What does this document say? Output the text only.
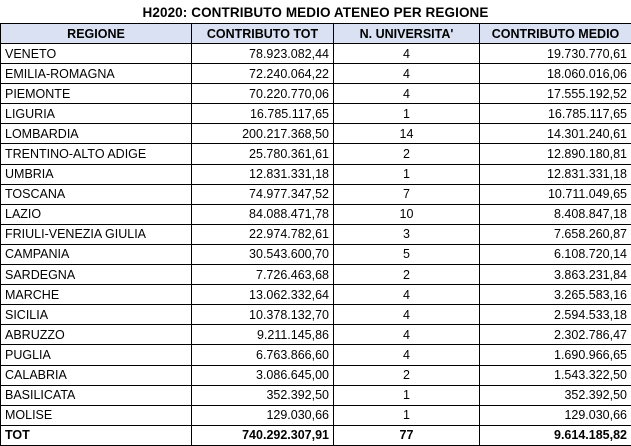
H2020: CONTRIBUTO MEDIO ATENEO PER REGIONE
REGIONE	CONTRIBUTO TOT	N. UNIVERSITA'	CONTRIBUTO MEDIO
VENETO	78.923.082,44	4	19.730.770,61
EMILIA-ROMAGNA	72.240.064,22	4	18.060.016,06
PIEMONTE	70.220.770,06	4	17.555.192,52
LIGURIA	16.785.117,65	1	16.785.117,65
LOMBARDIA	200.217.368,50	14	14.301.240,61
TRENTINO-ALTO ADIGE	25.780.361,61	2	12.890.180,81
UMBRIA	12.831.331,18	1	12.831.331,18
TOSCANA	74.977.347,52	7	10.711.049,65
LAZIO	84.088.471,78	10	8.408.847,18
FRIULI-VENEZIA GIULIA	22.974.782,61	3	7.658.260,87
CAMPANIA	30.543.600,70	5	6.108.720,14
SARDEGNA	7.726.463,68	2	3.863.231,84
MARCHE	13.062.332,64	4	3.265.583,16
SICILIA	10.378.132,70	4	2.594.533,18
ABRUZZO	9.211.145,86	4	2.302.786,47
PUGLIA	6.763.866,60	4	1.690.966,65
CALABRIA	3.086.645,00	2	1.543.322,50
BASILICATA	352.392,50	1	352.392,50
MOLISE	129.030,66	1	129.030,66
TOT	740.292.307,91	77	9.614.185,82
